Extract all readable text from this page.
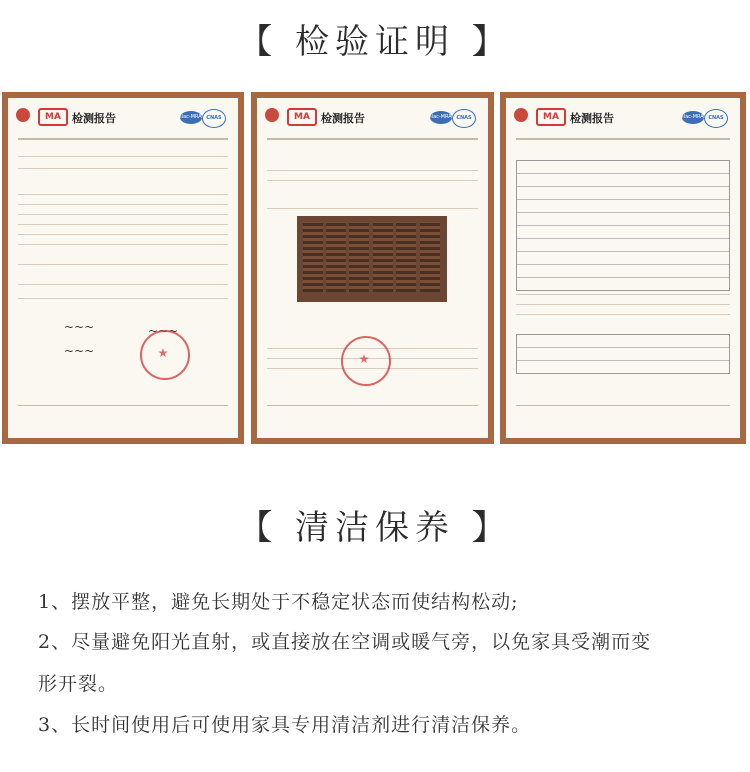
【 检验证明 】
MA	检测报告	ilac-MRA CNAS
~~~	~~~
~~~
MA	检测报告	ilac-MRA CNAS	MA	检测报告	ilac-MRA CNAS
【 清洁保养 】
1、摆放平整，避免长期处于不稳定状态而使结构松动;
2、尽量避免阳光直射，或直接放在空调或暖气旁，以免家具受潮而变
形开裂。
3、长时间使用后可使用家具专用清洁剂进行清洁保养。
